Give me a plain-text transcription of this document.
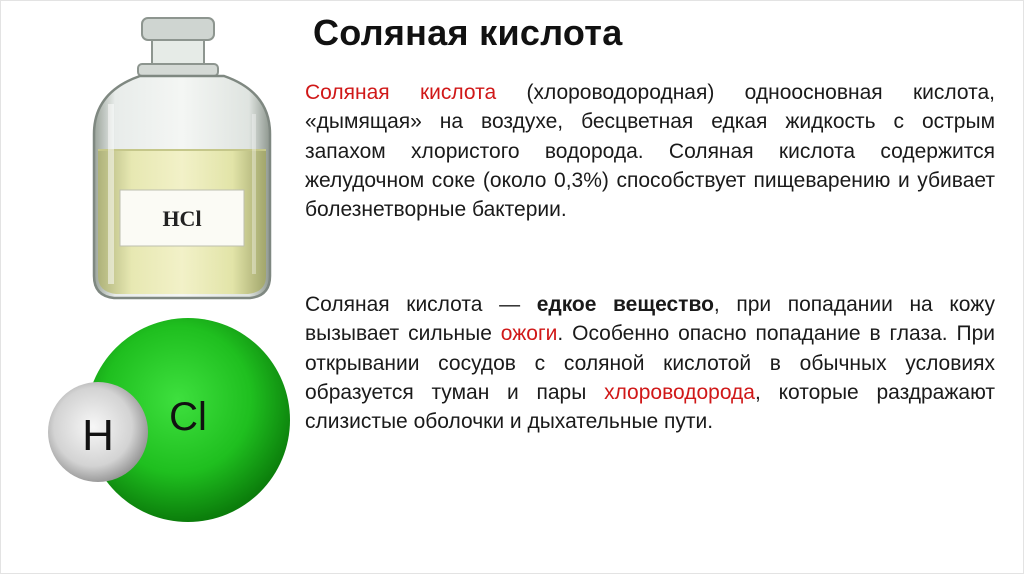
Соляная кислота
HCl
Cl
H
Соляная кислота (хлороводородная) одноосновная кислота, «дымящая» на воздухе, бесцветная едкая жидкость с острым запахом хлористого водорода. Соляная кислота содержится желудочном соке (около 0,3%) способствует пищеварению и убивает болезнетворные бактерии.
Соляная кислота — едкое вещество, при попадании на кожу вызывает сильные ожоги. Особенно опасно попадание в глаза. При открывании сосудов с соляной кислотой в обычных условиях образуется туман и пары хлороводорода, которые раздражают слизистые оболочки и дыхательные пути.
